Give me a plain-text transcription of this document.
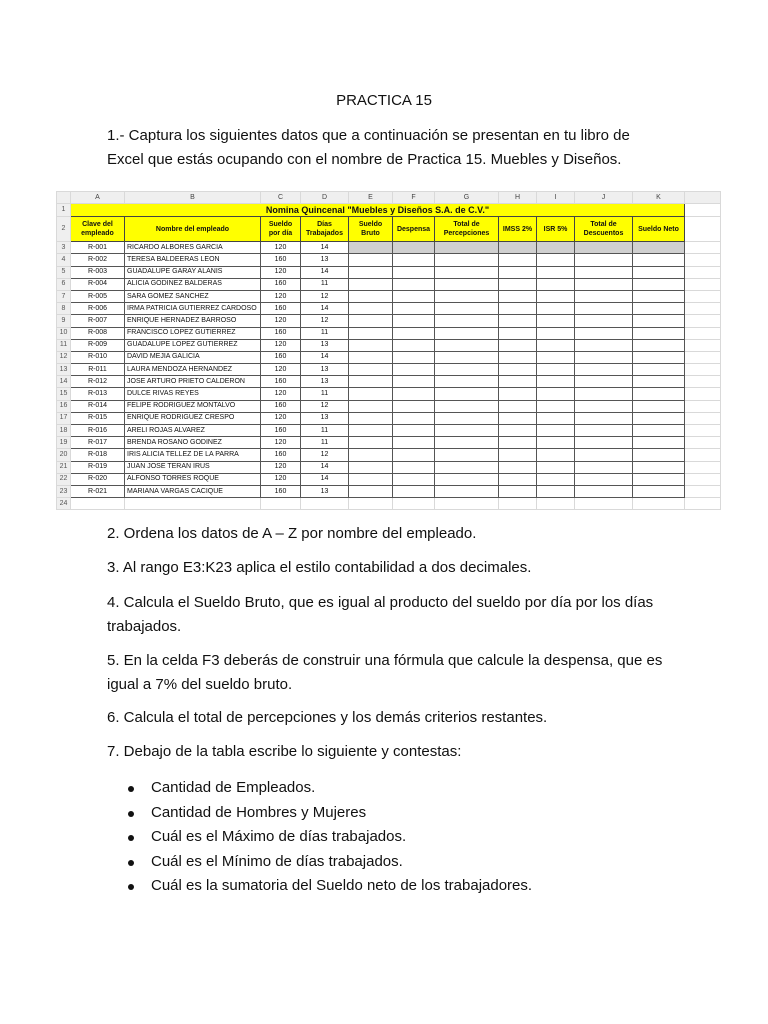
PRACTICA 15
1.- Captura los siguientes datos que a continuación se presentan en tu libro de Excel que estás ocupando con el nombre de Practica 15. Muebles y Diseños.
	A	B	C	D	E	F	G	H	I	J	K	
1	Nomina Quincenal "Muebles y Diseños S.A. de C.V."											
2	Clave del empleado	Nombre del empleado	Sueldo por día	Días Trabajados	Sueldo Bruto	Despensa	Total de Percepciones	IMSS 2%	ISR 5%	Total de Descuentos	Sueldo Neto	
3	R-001	RICARDO ALBORES GARCIA	120	14								
4	R-002	TERESA BALDEERAS LEON	160	13								
5	R-003	GUADALUPE GARAY ALANIS	120	14								
6	R-004	ALICIA GODINEZ BALDERAS	160	11								
7	R-005	SARA GOMEZ SANCHEZ	120	12								
8	R-006	IRMA PATRICIA GUTIERREZ CARDOSO	160	14								
9	R-007	ENRIQUE HERNADEZ BARROSO	120	12								
10	R-008	FRANCISCO LOPEZ GUTIERREZ	160	11								
11	R-009	GUADALUPE LOPEZ GUTIERREZ	120	13								
12	R-010	DAVID MEJIA GALICIA	160	14								
13	R-011	LAURA MENDOZA HERNANDEZ	120	13								
14	R-012	JOSE ARTURO PRIETO CALDERON	160	13								
15	R-013	DULCE RIVAS REYES	120	11								
16	R-014	FELIPE RODRIGUEZ MONTALVO	160	12								
17	R-015	ENRIQUE RODRIGUEZ CRESPO	120	13								
18	R-016	ARELI ROJAS ALVAREZ	160	11								
19	R-017	BRENDA ROSANO GODINEZ	120	11								
20	R-018	IRIS ALICIA TELLEZ DE LA PARRA	160	12								
21	R-019	JUAN JOSE TERAN IRUS	120	14								
22	R-020	ALFONSO TORRES ROQUE	120	14								
23	R-021	MARIANA VARGAS CACIQUE	160	13								
24												
2. Ordena los datos de A – Z por nombre del empleado.
3. Al rango E3:K23 aplica el estilo contabilidad a dos decimales.
4. Calcula el Sueldo Bruto, que es igual al producto del sueldo por día por los días trabajados.
5. En la celda F3 deberás de construir una fórmula que calcule la despensa, que es igual a 7% del sueldo bruto.
6. Calcula el total de percepciones y los demás criterios restantes.
7. Debajo de la tabla escribe lo siguiente y contestas:
Cantidad de Empleados.
Cantidad de Hombres y Mujeres
Cuál es el Máximo de días trabajados.
Cuál es el Mínimo de días trabajados.
Cuál es la sumatoria del Sueldo neto de los trabajadores.
